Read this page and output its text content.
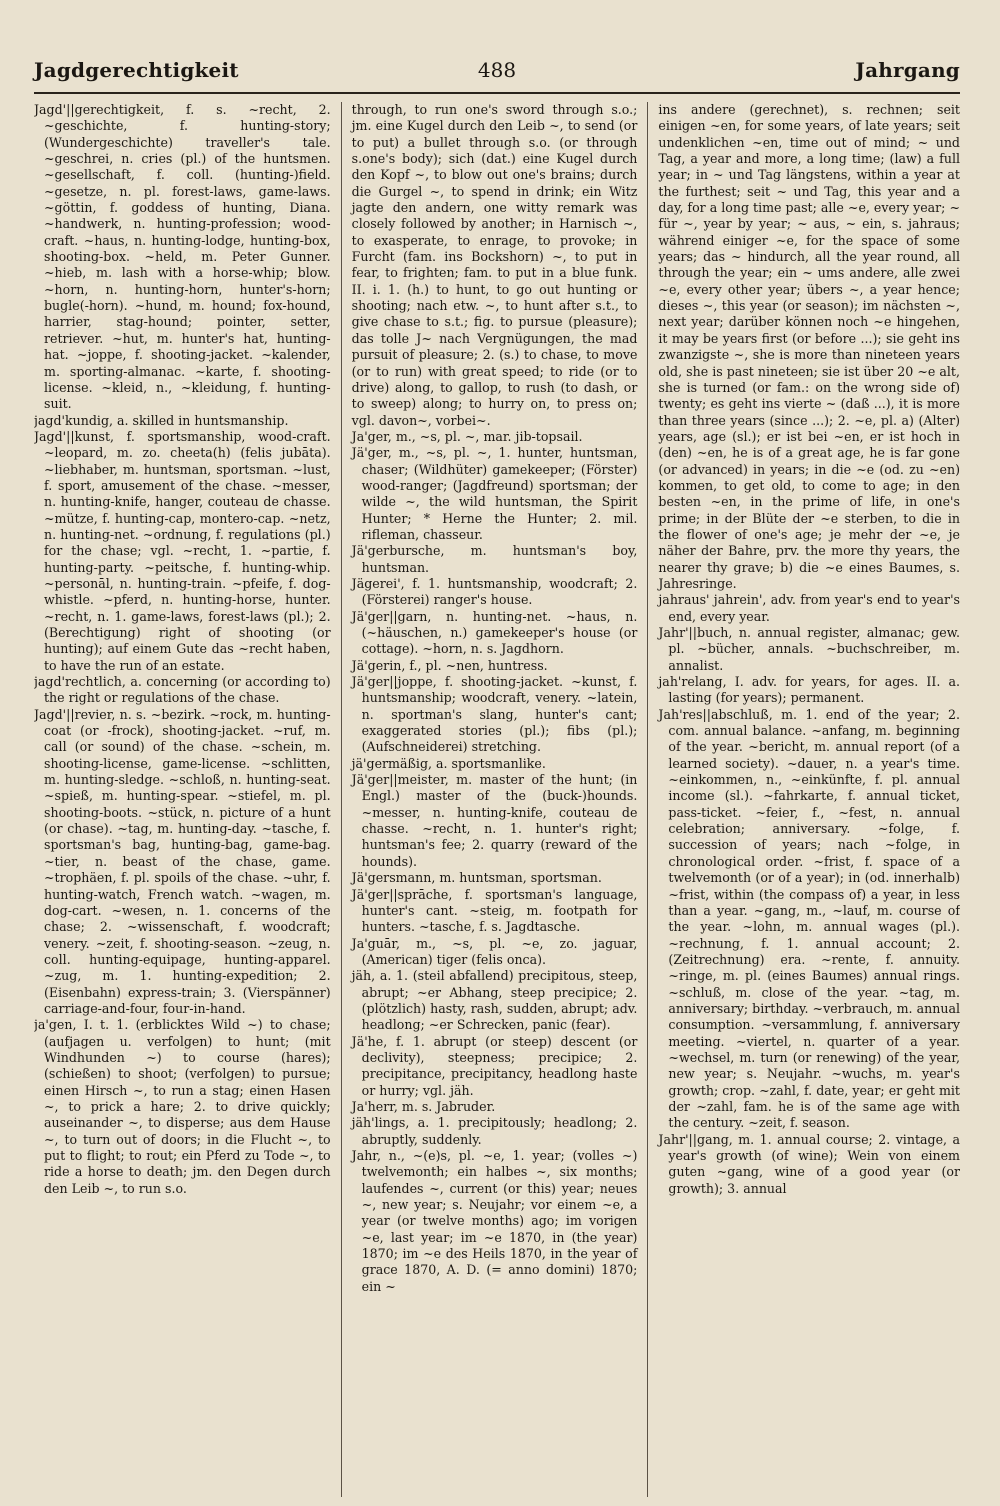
Jagdgerechtigkeit	488	Jahrgang

Jagd'||gerechtigkeit, f. s. ~recht, 2. ~geschichte, f. hunting-story; (Wundergeschichte) traveller's tale. ~geschrei, n. cries (pl.) of the huntsmen. ~gesellschaft, f. coll. (hunting-)field. ~gesetze, n. pl. forest-laws, game-laws. ~göttin, f. goddess of hunting, Diana. ~handwerk, n. hunting-profession; wood-craft. ~haus, n. hunting-lodge, hunting-box, shooting-box. ~held, m. Peter Gunner. ~hieb, m. lash with a horse-whip; blow. ~horn, n. hunting-horn, hunter's-horn; bugle(-horn). ~hund, m. hound; fox-hound, harrier, stag-hound; pointer, setter, retriever. ~hut, m. hunter's hat, hunting-hat. ~joppe, f. shooting-jacket. ~kalender, m. sporting-almanac. ~karte, f. shooting-license. ~kleid, n., ~kleidung, f. hunting-suit.

jagd'kundig, a. skilled in huntsmanship.

Jagd'||kunst, f. sportsmanship, wood-craft. ~leopard, m. zo. cheeta(h) (felis jubāta). ~liebhaber, m. huntsman, sportsman. ~lust, f. sport, amusement of the chase. ~messer, n. hunting-knife, hanger, couteau de chasse. ~mütze, f. hunting-cap, montero-cap. ~netz, n. hunting-net. ~ordnung, f. regulations (pl.) for the chase; vgl. ~recht, 1. ~partie, f. hunting-party. ~peitsche, f. hunting-whip. ~personāl, n. hunting-train. ~pfeife, f. dog-whistle. ~pferd, n. hunting-horse, hunter. ~recht, n. 1. game-laws, forest-laws (pl.); 2. (Berechtigung) right of shooting (or hunting); auf einem Gute das ~recht haben, to have the run of an estate.

jagd'rechtlich, a. concerning (or according to) the right or regulations of the chase.

Jagd'||revier, n. s. ~bezirk. ~rock, m. hunting-coat (or -frock), shooting-jacket. ~ruf, m. call (or sound) of the chase. ~schein, m. shooting-license, game-license. ~schlitten, m. hunting-sledge. ~schloß, n. hunting-seat. ~spieß, m. hunting-spear. ~stiefel, m. pl. shooting-boots. ~stück, n. picture of a hunt (or chase). ~tag, m. hunting-day. ~tasche, f. sportsman's bag, hunting-bag, game-bag. ~tier, n. beast of the chase, game. ~trophäen, f. pl. spoils of the chase. ~uhr, f. hunting-watch, French watch. ~wagen, m. dog-cart. ~wesen, n. 1. concerns of the chase; 2. ~wissenschaft, f. woodcraft; venery. ~zeit, f. shooting-season. ~zeug, n. coll. hunting-equipage, hunting-apparel. ~zug, m. 1. hunting-expedition; 2. (Eisenbahn) express-train; 3. (Vierspänner) carriage-and-four, four-in-hand.

ja'gen, I. t. 1. (erblicktes Wild ~) to chase; (aufjagen u. verfolgen) to hunt; (mit Windhunden ~) to course (hares); (schießen) to shoot; (verfolgen) to pursue; einen Hirsch ~, to run a stag; einen Hasen ~, to prick a hare; 2. to drive quickly; auseinander ~, to disperse; aus dem Hause ~, to turn out of doors; in die Flucht ~, to put to flight; to rout; ein Pferd zu Tode ~, to ride a horse to death; jm. den Degen durch den Leib ~, to run s.o.

through, to run one's sword through s.o.; jm. eine Kugel durch den Leib ~, to send (or to put) a bullet through s.o. (or through s.one's body); sich (dat.) eine Kugel durch den Kopf ~, to blow out one's brains; durch die Gurgel ~, to spend in drink; ein Witz jagte den andern, one witty remark was closely followed by another; in Harnisch ~, to exasperate, to enrage, to provoke; in Furcht (fam. ins Bockshorn) ~, to put in fear, to frighten; fam. to put in a blue funk. II. i. 1. (h.) to hunt, to go out hunting or shooting; nach etw. ~, to hunt after s.t., to give chase to s.t.; fig. to pursue (pleasure); das tolle J~ nach Vergnügungen, the mad pursuit of pleasure; 2. (s.) to chase, to move (or to run) with great speed; to ride (or to drive) along, to gallop, to rush (to dash, or to sweep) along; to hurry on, to press on; vgl. davon~, vorbei~.

Ja'ger, m., ~s, pl. ~, mar. jib-topsail.

Jä'ger, m., ~s, pl. ~, 1. hunter, huntsman, chaser; (Wildhüter) gamekeeper; (Förster) wood-ranger; (Jagdfreund) sportsman; der wilde ~, the wild huntsman, the Spirit Hunter; * Herne the Hunter; 2. mil. rifleman, chasseur.

Jä'gerbursche, m. huntsman's boy, huntsman.

Jägerei', f. 1. huntsmanship, woodcraft; 2. (Försterei) ranger's house.

Jä'ger||garn, n. hunting-net. ~haus, n. (~häuschen, n.) gamekeeper's house (or cottage). ~horn, n. s. Jagdhorn.

Jä'gerin, f., pl. ~nen, huntress.

Jä'ger||joppe, f. shooting-jacket. ~kunst, f. huntsmanship; woodcraft, venery. ~latein, n. sportman's slang, hunter's cant; exaggerated stories (pl.); fibs (pl.); (Aufschneiderei) stretching.

jä'germäßig, a. sportsmanlike.

Jä'ger||meister, m. master of the hunt; (in Engl.) master of the (buck-)hounds. ~messer, n. hunting-knife, couteau de chasse. ~recht, n. 1. hunter's right; huntsman's fee; 2. quarry (reward of the hounds).

Jä'gersmann, m. huntsman, sportsman.

Jä'ger||sprāche, f. sportsman's language, hunter's cant. ~steig, m. footpath for hunters. ~tasche, f. s. Jagdtasche.

Ja'guār, m., ~s, pl. ~e, zo. jaguar, (American) tiger (felis onca).

jäh, a. 1. (steil abfallend) precipitous, steep, abrupt; ~er Abhang, steep precipice; 2. (plötzlich) hasty, rash, sudden, abrupt; adv. headlong; ~er Schrecken, panic (fear).

Jä'he, f. 1. abrupt (or steep) descent (or declivity), steepness; precipice; 2. precipitance, precipitancy, headlong haste or hurry; vgl. jäh.

Ja'herr, m. s. Jabruder.

jäh'lings, a. 1. precipitously; headlong; 2. abruptly, suddenly.

Jahr, n., ~(e)s, pl. ~e, 1. year; (volles ~) twelvemonth; ein halbes ~, six months; laufendes ~, current (or this) year; neues ~, new year; s. Neujahr; vor einem ~e, a year (or twelve months) ago; im vorigen ~e, last year; im ~e 1870, in (the year) 1870; im ~e des Heils 1870, in the year of grace 1870, A. D. (= anno domini) 1870; ein ~

ins andere (gerechnet), s. rechnen; seit einigen ~en, for some years, of late years; seit undenklichen ~en, time out of mind; ~ und Tag, a year and more, a long time; (law) a full year; in ~ und Tag längstens, within a year at the furthest; seit ~ und Tag, this year and a day, for a long time past; alle ~e, every year; ~ für ~, year by year; ~ aus, ~ ein, s. jahraus; während einiger ~e, for the space of some years; das ~ hindurch, all the year round, all through the year; ein ~ ums andere, alle zwei ~e, every other year; übers ~, a year hence; dieses ~, this year (or season); im nächsten ~, next year; darüber können noch ~e hingehen, it may be years first (or before ...); sie geht ins zwanzigste ~, she is more than nineteen years old, she is past nineteen; sie ist über 20 ~e alt, she is turned (or fam.: on the wrong side of) twenty; es geht ins vierte ~ (daß ...), it is more than three years (since ...); 2. ~e, pl. a) (Alter) years, age (sl.); er ist bei ~en, er ist hoch in (den) ~en, he is of a great age, he is far gone (or advanced) in years; in die ~e (od. zu ~en) kommen, to get old, to come to age; in den besten ~en, in the prime of life, in one's prime; in der Blüte der ~e sterben, to die in the flower of one's age; je mehr der ~e, je näher der Bahre, prv. the more thy years, the nearer thy grave; b) die ~e eines Baumes, s. Jahresringe.

jahraus' jahrein', adv. from year's end to year's end, every year.

Jahr'||buch, n. annual register, almanac; gew. pl. ~bücher, annals. ~buchschreiber, m. annalist.

jah'relang, I. adv. for years, for ages. II. a. lasting (for years); permanent.

Jah'res||abschluß, m. 1. end of the year; 2. com. annual balance. ~anfang, m. beginning of the year. ~bericht, m. annual report (of a learned society). ~dauer, n. a year's time. ~einkommen, n., ~einkünfte, f. pl. annual income (sl.). ~fahrkarte, f. annual ticket, pass-ticket. ~feier, f., ~fest, n. annual celebration; anniversary. ~folge, f. succession of years; nach ~folge, in chronological order. ~frist, f. space of a twelvemonth (or of a year); in (od. innerhalb) ~frist, within (the compass of) a year, in less than a year. ~gang, m., ~lauf, m. course of the year. ~lohn, m. annual wages (pl.). ~rechnung, f. 1. annual account; 2. (Zeitrechnung) era. ~rente, f. annuity. ~ringe, m. pl. (eines Baumes) annual rings. ~schluß, m. close of the year. ~tag, m. anniversary; birthday. ~verbrauch, m. annual consumption. ~versammlung, f. anniversary meeting. ~viertel, n. quarter of a year. ~wechsel, m. turn (or renewing) of the year, new year; s. Neujahr. ~wuchs, m. year's growth; crop. ~zahl, f. date, year; er geht mit der ~zahl, fam. he is of the same age with the century. ~zeit, f. season.

Jahr'||gang, m. 1. annual course; 2. vintage, a year's growth (of wine); Wein von einem guten ~gang, wine of a good year (or growth); 3. annual
